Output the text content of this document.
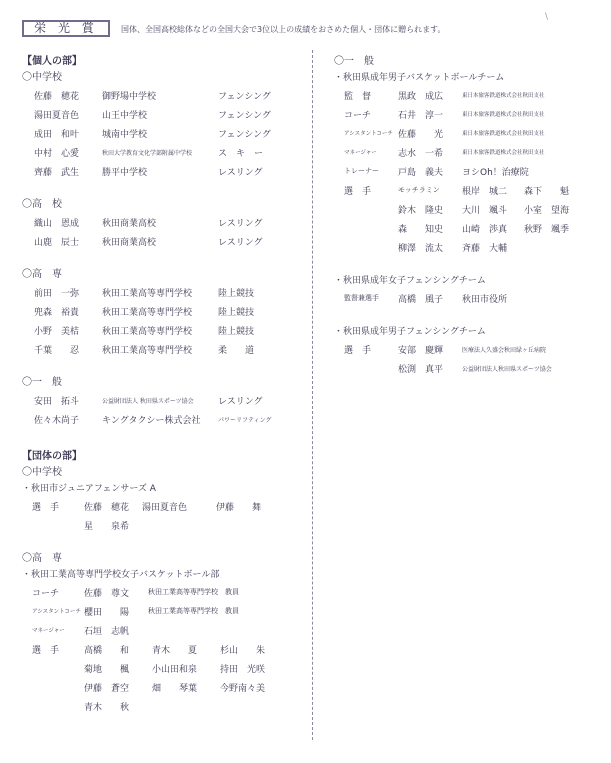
\
栄 光 賞	国体、全国高校総体などの全国大会で3位以上の成績をおさめた個人・団体に贈られます。
【個人の部】
〇中学校
佐藤　穂花	御野場中学校	フェンシング
湯田夏音色	山王中学校	フェンシング
成田　和叶	城南中学校	フェンシング
中村　心愛	秋田大学教育文化学部附属中学校	ス　キ　ー
齊藤　武生	勝平中学校	レスリング
〇高　校
織山　恩成	秋田商業高校	レスリング
山鹿　辰士	秋田商業高校	レスリング
〇高　専
前田　一弥	秋田工業高等専門学校	陸上競技
兜森　裕貴	秋田工業高等専門学校	陸上競技
小野　美桔	秋田工業高等専門学校	陸上競技
千葉　　忍	秋田工業高等専門学校	柔　　道
〇一　般
安田　拓斗	公益財団法人 秋田県スポーツ協会	レスリング
佐々木尚子	キングタクシー株式会社	パワーリフティング
【団体の部】
〇中学校
・秋田市ジュニアフェンサーズ A
選　手	佐藤　穂花 湯田夏音色	伊藤　　舞
星　　泉希
〇高　専
・秋田工業高等専門学校女子バスケットボール部
コーチ	佐藤　尊文	秋田工業高等専門学校　教員
アシスタントコーチ 櫻田　　陽	秋田工業高等専門学校　教員
マネージャー 石垣　志帆
選　手	高橋　　和	青木　　夏	杉山　　朱
菊地　　楓	小山田和泉	持田　光咲
伊藤　蒼空	畑　　琴葉	今野南々美
青木　　秋
〇一　般
・秋田県成年男子バスケットボールチーム
監　督	黒政　成広	東日本旅客鉄道株式会社秋田支社
コーチ	石井　淳一	東日本旅客鉄道株式会社秋田支社
アシスタントコーチ 佐藤　　光	東日本旅客鉄道株式会社秋田支社
マネージャー 志水　一希	東日本旅客鉄道株式会社秋田支社
トレーナー 戸島　義夫 ヨシOh！治療院
選　手	モッチラミン 根岸　城二 森下　　魁
鈴木　隆史 大川　颯斗 小室　望海
森　　知史 山崎　渉真 秋野　颯季
柳澤　流太 斉藤　大輔
・秋田県成年女子フェンシングチーム
監督兼選手 高橋　風子 秋田市役所
・秋田県成年男子フェンシングチーム
選　手	安部　慶輝	医療法人久盛会秋田緑ヶ丘病院
松渕　真平	公益財団法人秋田県スポーツ協会
